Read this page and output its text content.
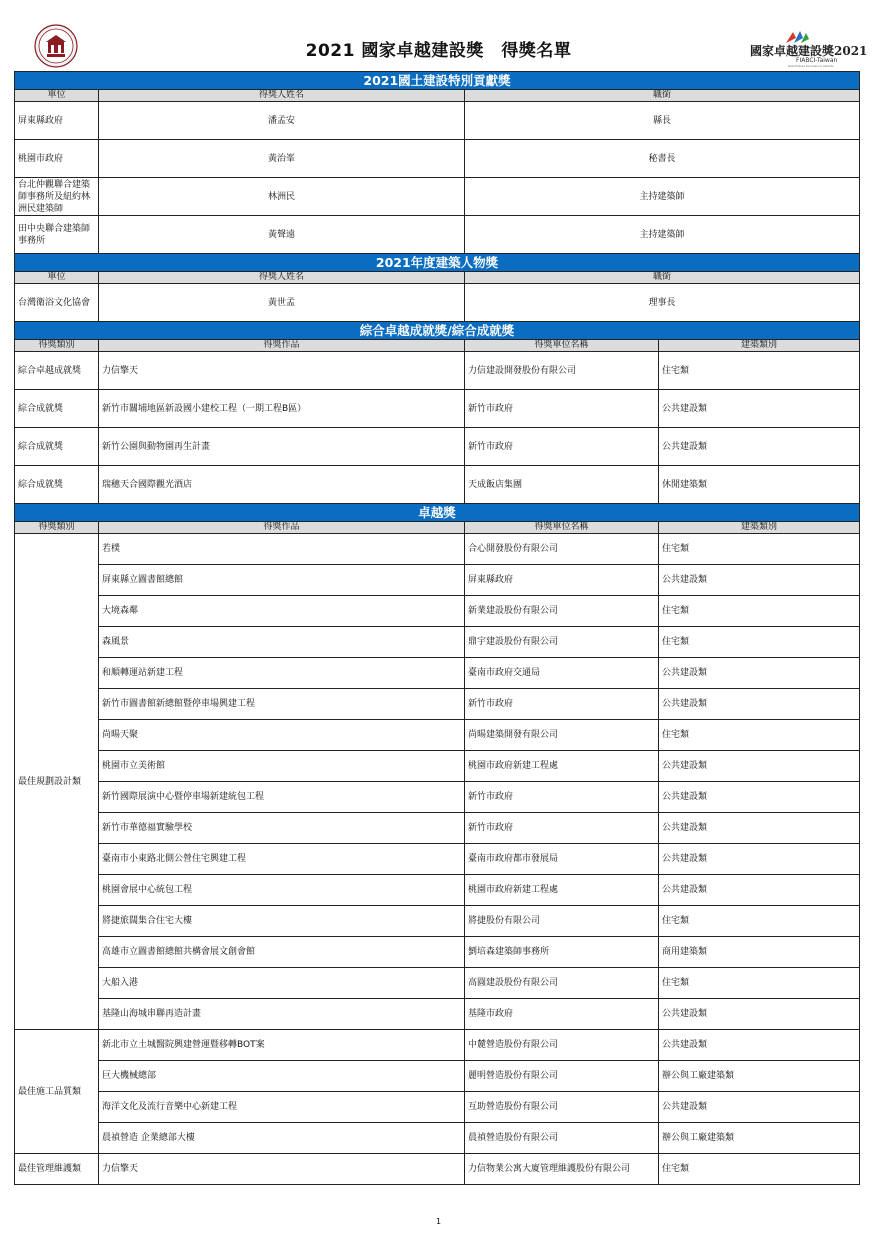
2021 國家卓越建設獎　得獎名單	國家卓越建設獎2021
FIABCI-Taiwan
Real Estate Excellence Awards
2021國土建設特別貢獻獎			
單位	得獎人姓名	職銜	
屏東縣政府	潘孟安	縣長	
桃園市政府	黃治峯	秘書長	
台北仲觀聯合建築師事務所及紐約林洲民建築師	林洲民	主持建築師	
田中央聯合建築師事務所	黃聲遠	主持建築師	
2021年度建築人物獎			
單位	得獎人姓名	職銜	
台灣衛浴文化協會	黃世孟	理事長	
綜合卓越成就獎/綜合成就獎			
得獎類別	得獎作品	得獎單位名稱	建築類別
綜合卓越成就獎	力信擎天	力信建設開發股份有限公司	住宅類
綜合成就獎	新竹市關埔地區新設國小建校工程（一期工程B區）	新竹市政府	公共建設類
綜合成就獎	新竹公園與動物園再生計畫	新竹市政府	公共建設類
綜合成就獎	瑞穗天合國際觀光酒店	天成飯店集團	休閒建築類
卓越獎			
得獎類別	得獎作品	得獎單位名稱	建築類別
最佳規劃設計類	若樸	合心開發股份有限公司	住宅類
	屏東縣立圖書館總館	屏東縣政府	公共建設類
	大境森鄰	新業建設股份有限公司	住宅類
	森風景	鼎宇建設股份有限公司	住宅類
	和順轉運站新建工程	臺南市政府交通局	公共建設類
	新竹市圖書館新總館暨停車場興建工程	新竹市政府	公共建設類
	尚暘天聚	尚暘建築開發有限公司	住宅類
	桃園市立美術館	桃園市政府新建工程處	公共建設類
	新竹國際展演中心暨停車場新建統包工程	新竹市政府	公共建設類
	新竹市華德福實驗學校	新竹市政府	公共建設類
	臺南市小東路北側公營住宅興建工程	臺南市政府都市發展局	公共建設類
	桃園會展中心統包工程	桃園市政府新建工程處	公共建設類
	將捷旅闊集合住宅大樓	將捷股份有限公司	住宅類
	高雄市立圖書館總館共構會展文創會館	劉培森建築師事務所	商用建築類
	大船入港	高圓建設股份有限公司	住宅類
	基隆山海城串聯再造計畫	基隆市政府	公共建設類
最佳施工品質類	新北市立土城醫院興建營運暨移轉BOT案	中麓營造股份有限公司	公共建設類
	巨大機械總部	麗明營造股份有限公司	辦公與工廠建築類
	海洋文化及流行音樂中心新建工程	互助營造股份有限公司	公共建設類
	晨禎營造 企業總部大樓	晨禎營造股份有限公司	辦公與工廠建築類
最佳管理維護類	力信擎天	力信物業公寓大廈管理維護股份有限公司	住宅類
1
